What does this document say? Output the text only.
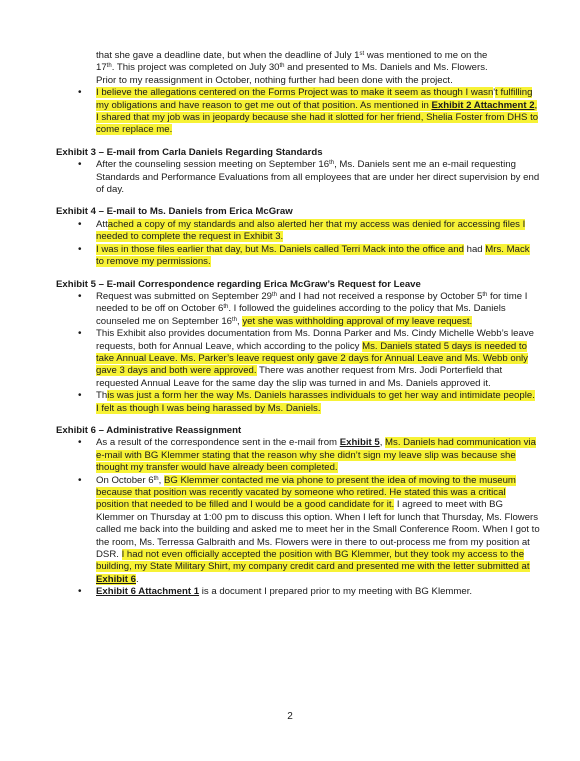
that she gave a deadline date, but when the deadline of July 1st was mentioned to me on the
17th. This project was completed on July 30th and presented to Ms. Daniels and Ms. Flowers.
Prior to my reassignment in October, nothing further had been done with the project.

• I believe the allegations centered on the Forms Project was to make it seem as though I wasn t fulfilling my obligations and have reason to get me out of that position. As mentioned in Exhibit 2 Attachment 2, I shared that my job was in jeopardy because she had it slotted for her friend, Shelia Foster from DHS to come replace me.

Exhibit 3 – E-mail from Carla Daniels Regarding Standards

• After the counseling session meeting on September 16th, Ms. Daniels sent me an e-mail requesting Standards and Performance Evaluations from all employees that are under her direct supervision by end of day.

Exhibit 4 – E-mail to Ms. Daniels from Erica McGraw

• Attached a copy of my standards and also alerted her that my access was denied for accessing files I needed to complete the request in Exhibit 3.

• I was in those files earlier that day, but Ms. Daniels called Terri Mack into the office and had Mrs. Mack to remove my permissions.

Exhibit 5 – E-mail Correspondence regarding Erica McGraw’s Request for Leave

• Request was submitted on September 29th and I had not received a response by October 5th for time I needed to be off on October 6th. I followed the guidelines according to the policy that Ms. Daniels counseled me on September 16th, yet she was withholding approval of my leave request.

• This Exhibit also provides documentation from Ms. Donna Parker and Ms. Cindy Michelle Webb’s leave requests, both for Annual Leave, which according to the policy Ms. Daniels stated 5 days is needed to take Annual Leave. Ms. Parker’s leave request only gave 2 days for Annual Leave and Ms. Webb only gave 3 days and both were approved. There was another request from Mrs. Jodi Porterfield that requested Annual Leave for the same day the slip was turned in and Ms. Daniels approved it.

• This was just a form her the way Ms. Daniels harasses individuals to get her way and intimidate people. I felt as though I was being harassed by Ms. Daniels.

Exhibit 6 – Administrative Reassignment

• As a result of the correspondence sent in the e-mail from Exhibit 5, Ms. Daniels had communication via e-mail with BG Klemmer stating that the reason why she didn’t sign my leave slip was because she thought my transfer would have already been completed.

• On October 6th, BG Klemmer contacted me via phone to present the idea of moving to the museum because that position was recently vacated by someone who retired. He stated this was a critical position that needed to be filled and I would be a good candidate for it. I agreed to meet with BG Klemmer on Thursday at 1:00 pm to discuss this option. When I left for lunch that Thursday, Ms. Flowers called me back into the building and asked me to meet her in the Small Conference Room. When I got to the room, Ms. Terressa Galbraith and Ms. Flowers were in there to out-process me from my position at DSR. I had not even officially accepted the position with BG Klemmer, but they took my access to the building, my State Military Shirt, my company credit card and presented me with the letter submitted at Exhibit 6.

• Exhibit 6 Attachment 1 is a document I prepared prior to my meeting with BG Klemmer.

2
